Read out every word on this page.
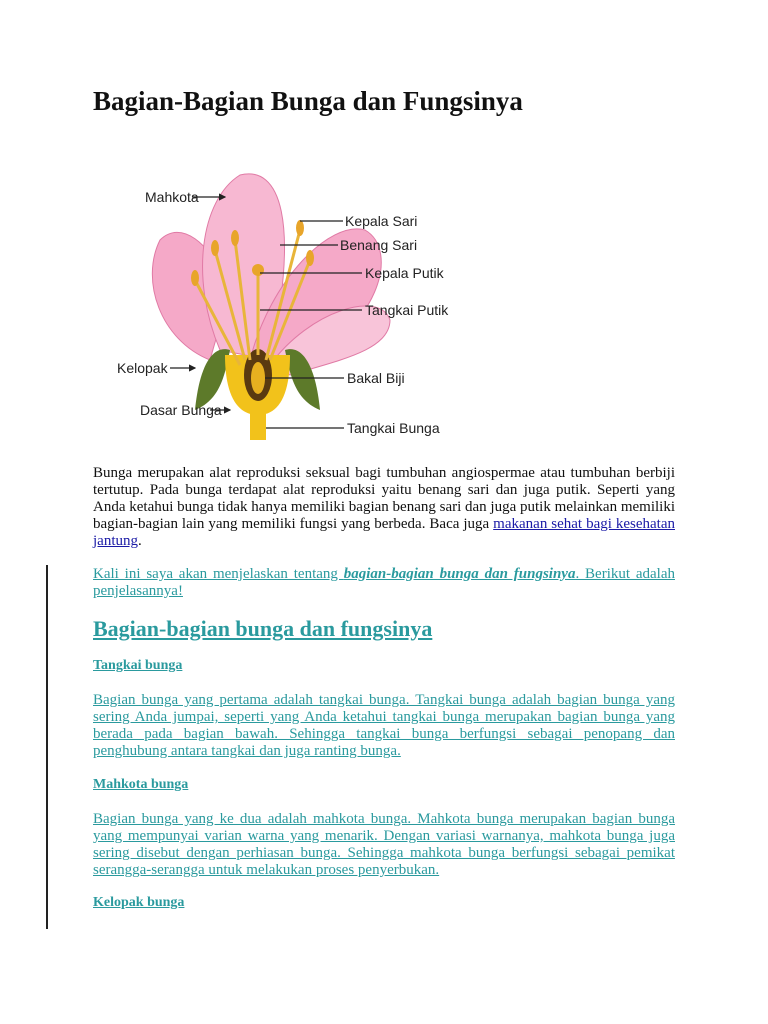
Bagian-Bagian Bunga dan Fungsinya
Mahkota
Kepala Sari
Benang Sari
Kepala Putik
Tangkai Putik
Kelopak
Bakal Biji
Dasar Bunga
Tangkai Bunga

Bunga merupakan alat reproduksi seksual bagi tumbuhan angiospermae atau tumbuhan berbiji tertutup. Pada bunga terdapat alat reproduksi yaitu benang sari dan juga putik. Seperti yang Anda ketahui bunga tidak hanya memiliki bagian benang sari dan juga putik melainkan memiliki bagian-bagian lain yang memiliki fungsi yang berbeda. Baca juga makanan sehat bagi kesehatan jantung.

Kali ini saya akan menjelaskan tentang bagian-bagian bunga dan fungsinya. Berikut adalah penjelasannya!

Bagian-bagian bunga dan fungsinya
Tangkai bunga

Bagian bunga yang pertama adalah tangkai bunga. Tangkai bunga adalah bagian bunga yang sering Anda jumpai, seperti yang Anda ketahui tangkai bunga merupakan bagian bunga yang berada pada bagian bawah. Sehingga tangkai bunga berfungsi sebagai penopang dan penghubung antara tangkai dan juga ranting bunga.

Mahkota bunga

Bagian bunga yang ke dua adalah mahkota bunga. Mahkota bunga merupakan bagian bunga yang mempunyai varian warna yang menarik. Dengan variasi warnanya, mahkota bunga juga sering disebut dengan perhiasan bunga. Sehingga mahkota bunga berfungsi sebagai pemikat serangga-serangga untuk melakukan proses penyerbukan.

Kelopak bunga
